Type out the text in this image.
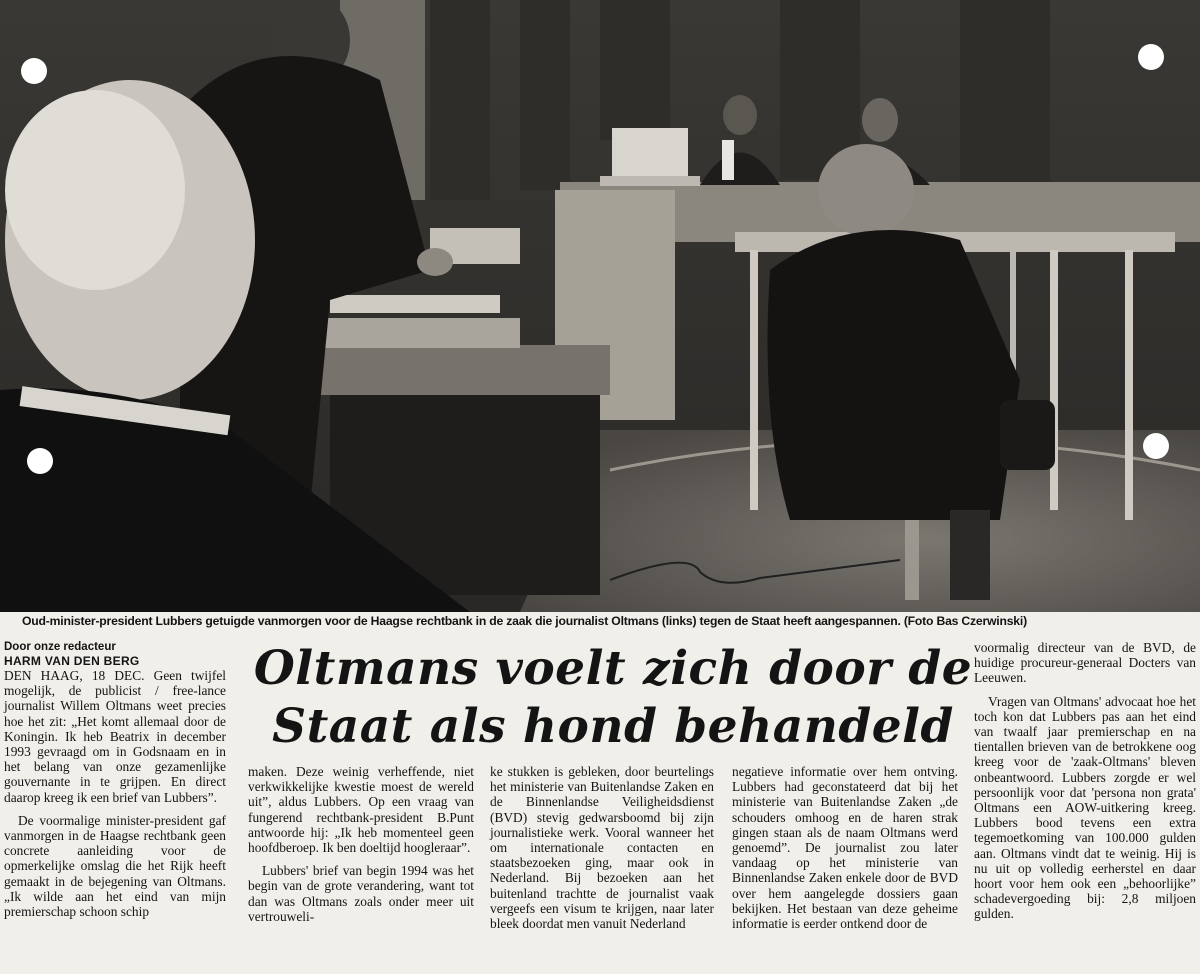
Oud-minister-president Lubbers getuigde vanmorgen voor de Haagse rechtbank in de zaak die journalist Oltmans (links) tegen de Staat heeft aangespannen. (Foto Bas Czerwinski)
Oltmans voelt zich door de
Staat als hond behandeld
Door onze redacteur
HARM VAN DEN BERG

DEN HAAG, 18 DEC. Geen twijfel mogelijk, de publicist / free-lance journalist Willem Oltmans weet precies hoe het zit: „Het komt allemaal door de Koningin. Ik heb Beatrix in december 1993 gevraagd om in Godsnaam en in het belang van onze gezamenlijke gouvernante in te grijpen. En direct daarop kreeg ik een brief van Lubbers”.

De voormalige minister-president gaf vanmorgen in de Haagse rechtbank geen concrete aanleiding voor de opmerkelijke omslag die het Rijk heeft gemaakt in de bejegening van Oltmans. „Ik wilde aan het eind van mijn premierschap schoon schip

maken. Deze weinig verheffende, niet verkwikkelijke kwestie moest de wereld uit”, aldus Lubbers. Op een vraag van fungerend rechtbank-president B.Punt antwoorde hij: „Ik heb momenteel geen hoofdberoep. Ik ben doeltijd hoogleraar”.

Lubbers' brief van begin 1994 was het begin van de grote verandering, want tot dan was Oltmans zoals onder meer uit vertrouweli-

ke stukken is gebleken, door beurtelings het ministerie van Buitenlandse Zaken en de Binnenlandse Veiligheidsdienst (BVD) stevig gedwarsboomd bij zijn journalistieke werk. Vooral wanneer het om internationale contacten en staatsbezoeken ging, maar ook in Nederland. Bij bezoeken aan het buitenland trachtte de journalist vaak vergeefs een visum te krijgen, naar later bleek doordat men vanuit Nederland

negatieve informatie over hem ontving. Lubbers had geconstateerd dat bij het ministerie van Buitenlandse Zaken „de schouders omhoog en de haren strak gingen staan als de naam Oltmans werd genoemd”. De journalist zou later vandaag op het ministerie van Binnenlandse Zaken enkele door de BVD over hem aangelegde dossiers gaan bekijken. Het bestaan van deze geheime informatie is eerder ontkend door de

voormalig directeur van de BVD, de huidige procureur-generaal Docters van Leeuwen.

Vragen van Oltmans' advocaat hoe het toch kon dat Lubbers pas aan het eind van twaalf jaar premierschap en na tientallen brieven van de betrokkene oog kreeg voor de 'zaak-Oltmans' bleven onbeantwoord. Lubbers zorgde er wel persoonlijk voor dat 'persona non grata' Oltmans een AOW-uitkering kreeg. Lubbers bood tevens een extra tegemoetkoming van 100.000 gulden aan. Oltmans vindt dat te weinig. Hij is nu uit op volledig eerherstel en daar hoort voor hem ook een „behoorlijke” schadevergoeding bij: 2,8 miljoen gulden.
